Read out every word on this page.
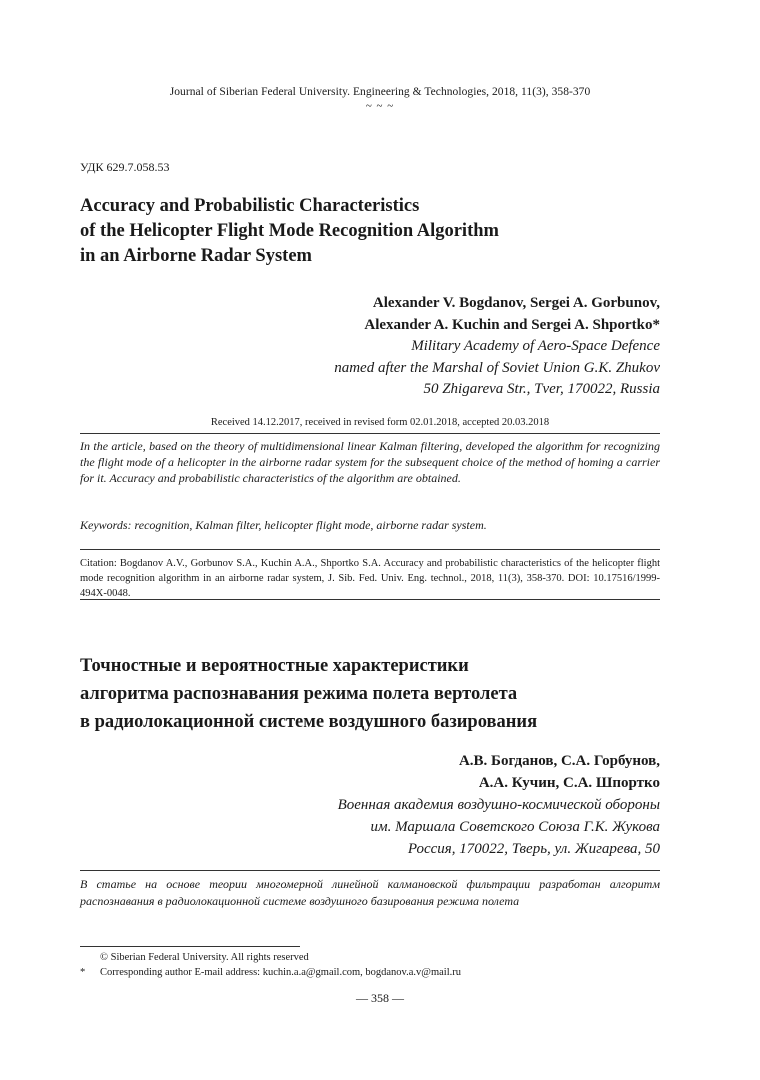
Journal of Siberian Federal University. Engineering & Technologies, 2018, 11(3), 358-370

~ ~ ~

УДК 629.7.058.53

Accuracy and Probabilistic Characteristics
of the Helicopter Flight Mode Recognition Algorithm
in an Airborne Radar System
Alexander V. Bogdanov, Sergei A. Gorbunov,
Alexander A. Kuchin and Sergei A. Shportko*
Military Academy of Aero-Space Defence
named after the Marshal of Soviet Union G.K. Zhukov
50 Zhigareva Str., Tver, 170022, Russia

Received 14.12.2017, received in revised form 02.01.2018, accepted 20.03.2018

In the article, based on the theory of multidimensional linear Kalman filtering, developed the algorithm for recognizing the flight mode of a helicopter in the airborne radar system for the subsequent choice of the method of homing a carrier for it. Accuracy and probabilistic characteristics of the algorithm are obtained.

Keywords: recognition, Kalman filter, helicopter flight mode, airborne radar system.

Citation: Bogdanov A.V., Gorbunov S.A., Kuchin A.A., Shportko S.A. Accuracy and probabilistic characteristics of the helicopter flight mode recognition algorithm in an airborne radar system, J. Sib. Fed. Univ. Eng. technol., 2018, 11(3), 358-370. DOI: 10.17516/1999-494X-0048.

Точностные и вероятностные характеристики
алгоритма распознавания режима полета вертолета
в радиолокационной системе воздушного базирования
А.В. Богданов, С.А. Горбунов,
А.А. Кучин, С.А. Шпортко
Военная академия воздушно-космической обороны
им. Маршала Советского Союза Г.К. Жукова
Россия, 170022, Тверь, ул. Жигарева, 50

В статье на основе теории многомерной линейной калмановской фильтрации разработан алгоритм распознавания в радиолокационной системе воздушного базирования режима полета

© Siberian Federal University. All rights reserved
*	Corresponding author E-mail address: kuchin.a.a@gmail.com, bogdanov.a.v@mail.ru

— 358 —
